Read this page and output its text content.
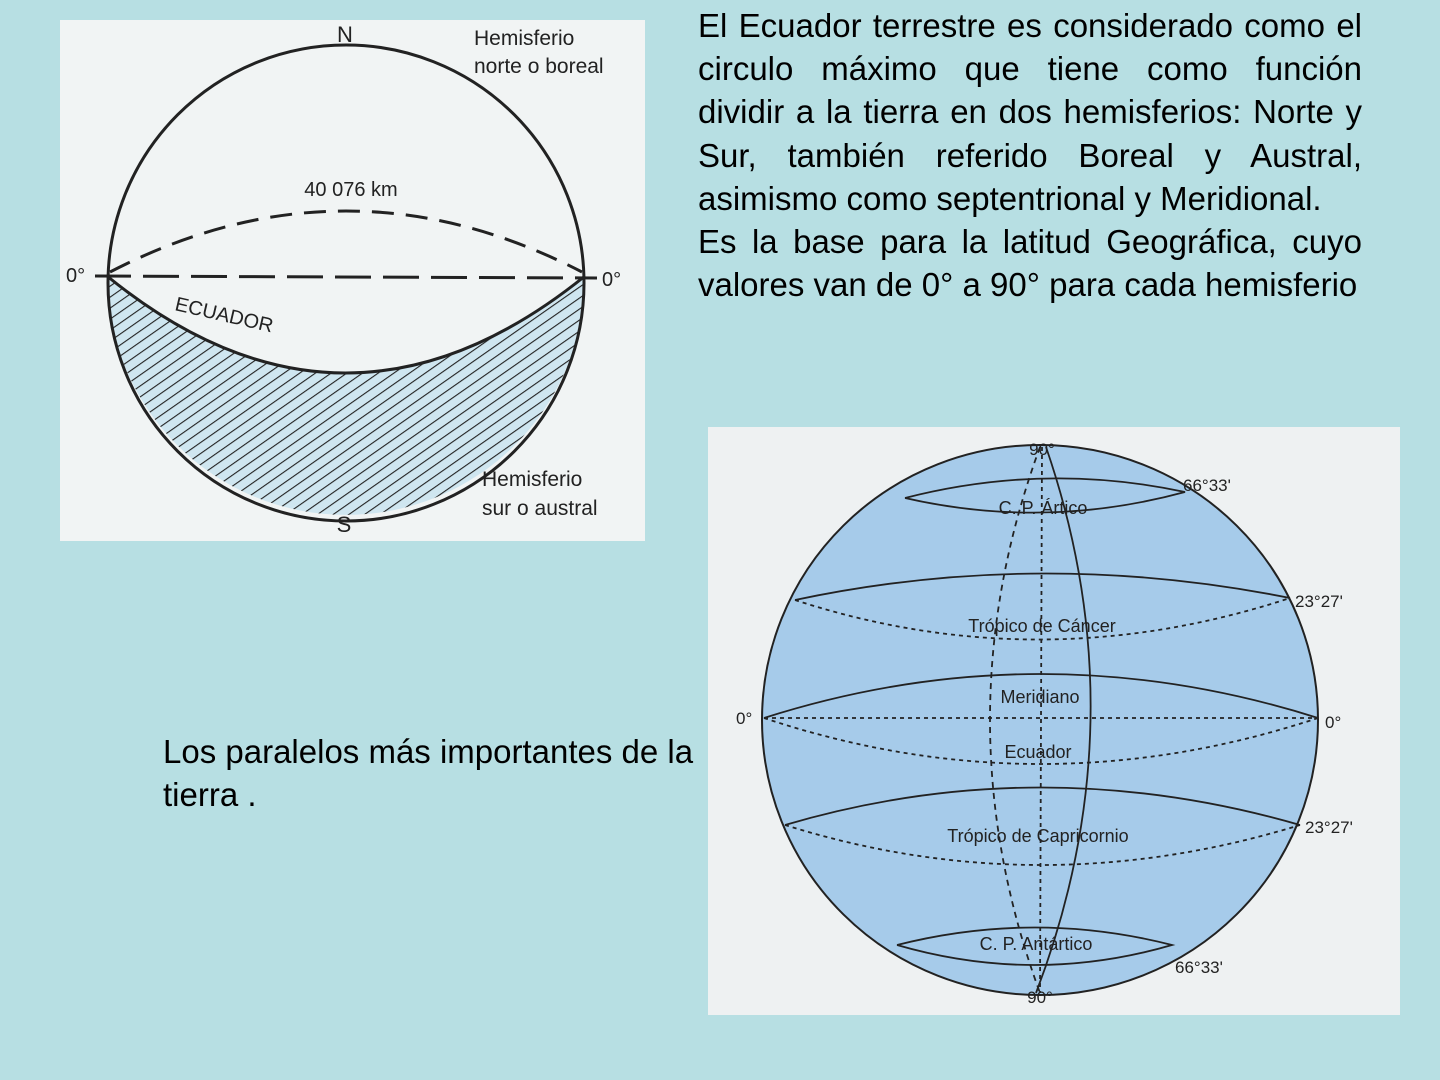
N
S
Hemisferio
norte o boreal
Hemisferio
sur o austral
40 076 km
ECUADOR
0°	0°

El Ecuador terrestre es considerado como el circulo máximo que tiene como función dividir a la tierra en dos hemisferios: Norte y Sur, también referido Boreal y Austral, asimismo como septentrional y Meridional.

Es la base para la latitud Geográfica, cuyo valores van de 0° a 90° para cada hemisferio

Los paralelos más importantes de la tierra .
90°
90°
C. P. Ártico
66°33'
Trópico de Cáncer
23°27'
Meridiano
Ecuador
0°	0°
Trópico de Capricornio	23°27'
C. P. Antártico
66°33'
